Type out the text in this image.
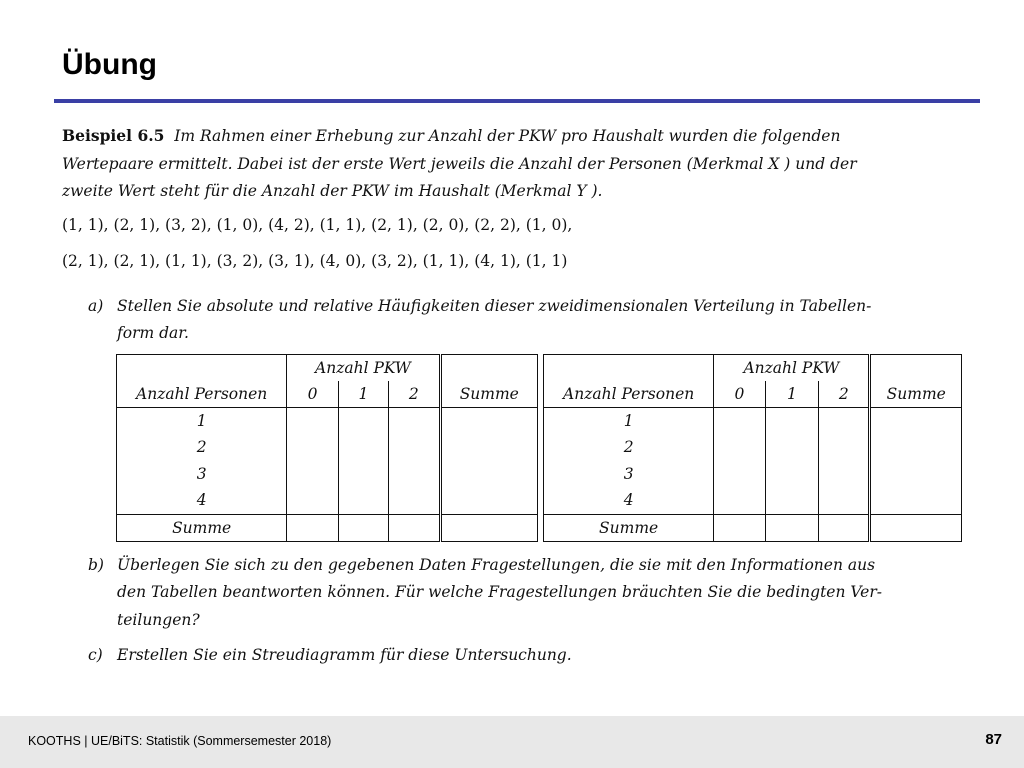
Übung

Beispiel 6.5 Im Rahmen einer Erhebung zur Anzahl der PKW pro Haushalt wurden die folgenden

Wertepaare ermittelt. Dabei ist der erste Wert jeweils die Anzahl der Personen (Merkmal X ) und der

zweite Wert steht für die Anzahl der PKW im Haushalt (Merkmal Y ).

(1, 1), (2, 1), (3, 2), (1, 0), (4, 2), (1, 1), (2, 1), (2, 0), (2, 2), (1, 0),

(2, 1), (2, 1), (1, 1), (3, 2), (3, 1), (4, 0), (3, 2), (1, 1), (4, 1), (1, 1)

a) Stellen Sie absolute und relative Häufigkeiten dieser zweidimensionalen Verteilung in Tabellen-
form dar.
	Anzahl PKW			
Anzahl Personen	0	1	2	Summe
1				
2				
3				
4				
Summe				
	Anzahl PKW			
Anzahl Personen	0	1	2	Summe
1				
2				
3				
4				
Summe				
b) Überlegen Sie sich zu den gegebenen Daten Fragestellungen, die sie mit den Informationen aus
den Tabellen beantworten können. Für welche Fragestellungen bräuchten Sie die bedingten Ver-
teilungen?
c) Erstellen Sie ein Streudiagramm für diese Untersuchung.
KOOTHS | UE/BiTS: Statistik (Sommersemester 2018)	87
